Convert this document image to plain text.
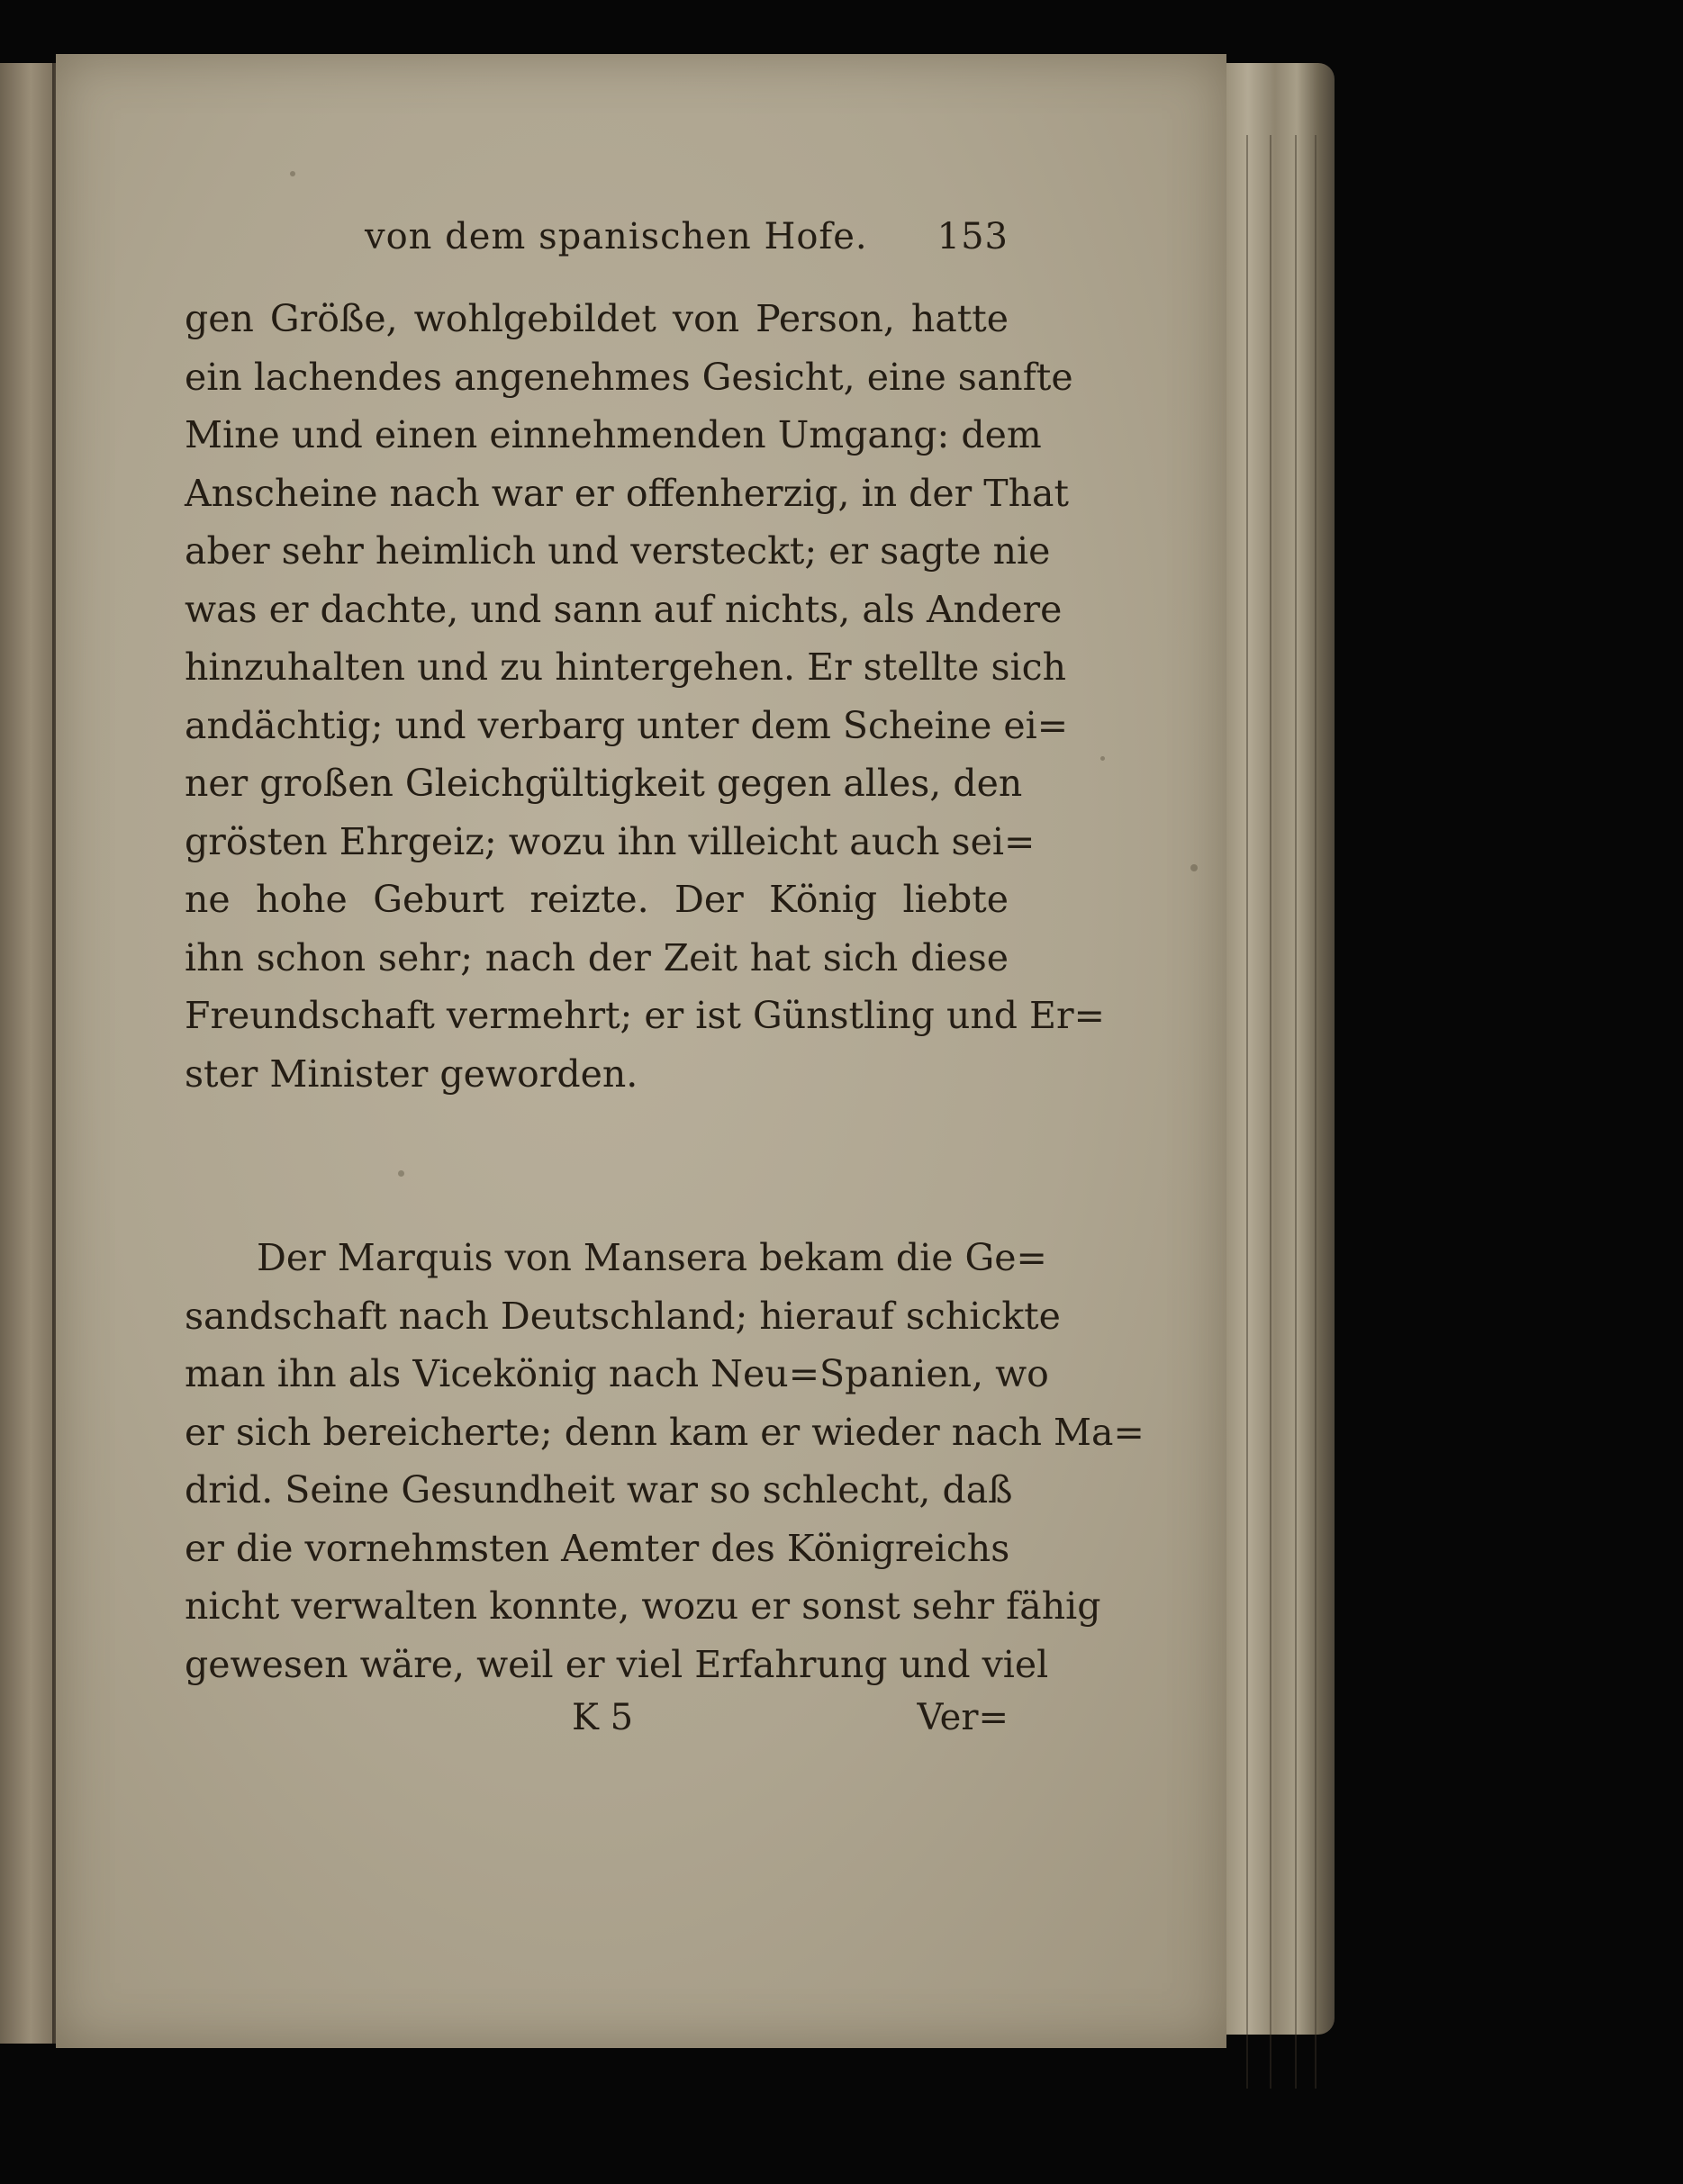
von dem spanischen Hofe. 153
gen Größe, wohlgebildet von Person, hatte
ein lachendes angenehmes Gesicht, eine sanfte
Mine und einen einnehmenden Umgang: dem
Anscheine nach war er offenherzig, in der That
aber sehr heimlich und versteckt; er sagte nie
was er dachte, und sann auf nichts, als Andere
hinzuhalten und zu hintergehen. Er stellte sich
andächtig; und verbarg unter dem Scheine ei=
ner großen Gleichgültigkeit gegen alles, den
grösten Ehrgeiz; wozu ihn villeicht auch sei=
ne hohe Geburt reizte. Der König liebte
ihn schon sehr; nach der Zeit hat sich diese
Freundschaft vermehrt; er ist Günstling und Er=
ster Minister geworden.
Der Marquis von Mansera bekam die Ge=
sandschaft nach Deutschland; hierauf schickte
man ihn als Vicekönig nach Neu=Spanien, wo
er sich bereicherte; denn kam er wieder nach Ma=
drid. Seine Gesundheit war so schlecht, daß
er die vornehmsten Aemter des Königreichs
nicht verwalten konnte, wozu er sonst sehr fähig
gewesen wäre, weil er viel Erfahrung und viel
K 5	Ver=
